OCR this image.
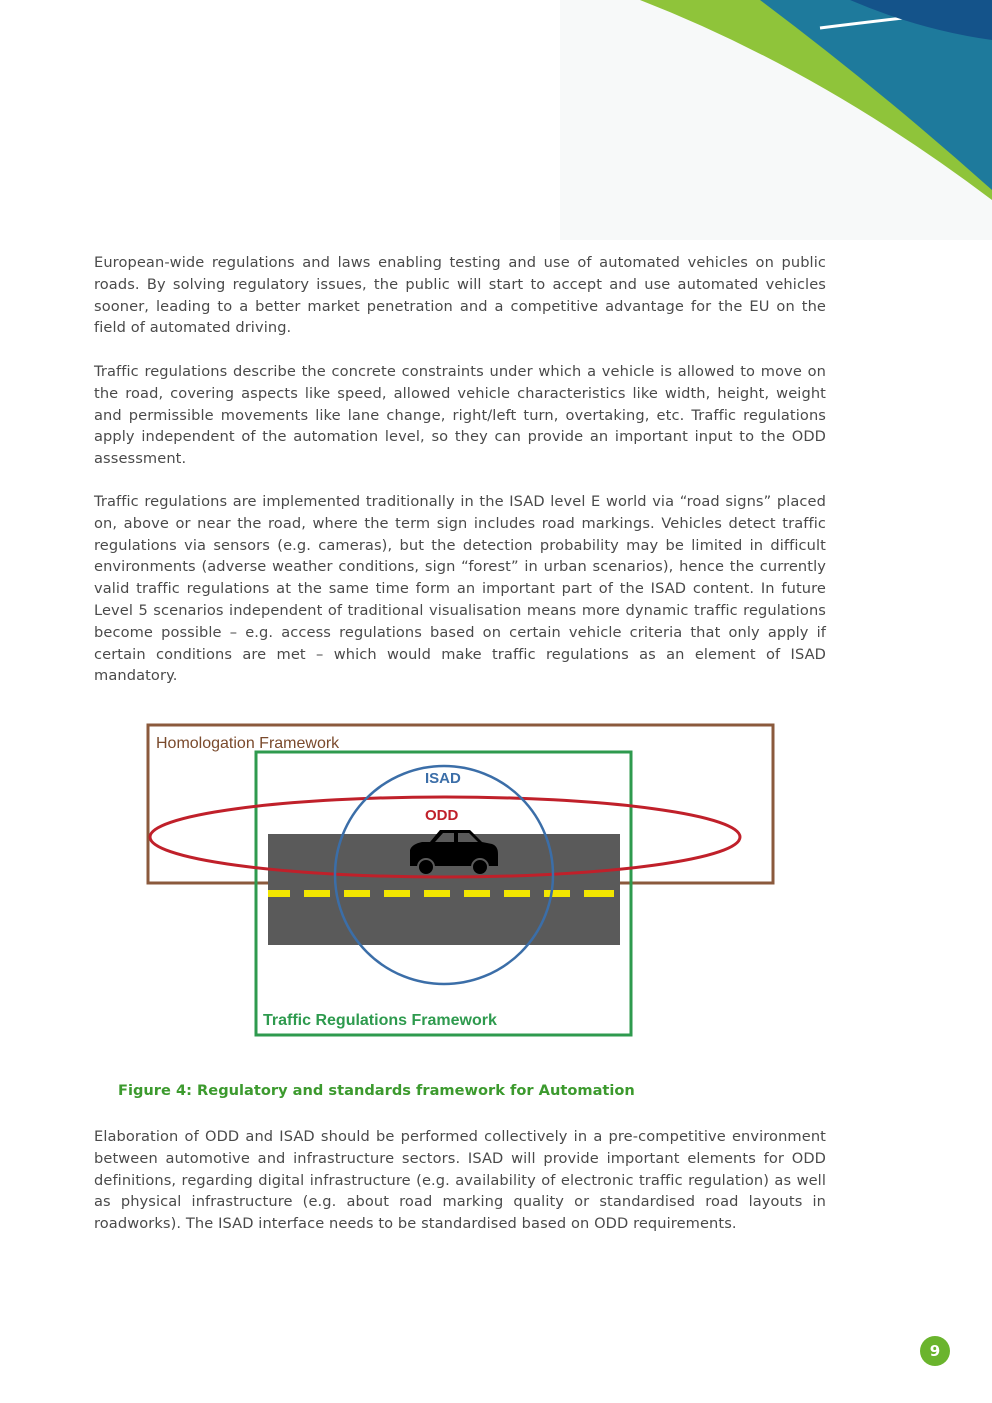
European-wide regulations and laws enabling testing and use of automated vehicles on public roads. By solving regulatory issues, the public will start to accept and use automated vehicles sooner, leading to a better market penetration and a competitive advantage for the EU on the field of automated driving.

Traffic regulations describe the concrete constraints under which a vehicle is allowed to move on the road, covering aspects like speed, allowed vehicle characteristics like width, height, weight and permissible movements like lane change, right/left turn, overtaking, etc. Traffic regulations apply independent of the automation level, so they can provide an important input to the ODD assessment.

Traffic regulations are implemented traditionally in the ISAD level E world via “road signs” placed on, above or near the road, where the term sign includes road markings. Vehicles detect traffic regulations via sensors (e.g. cameras), but the detection probability may be limited in difficult environments (adverse weather conditions, sign “forest” in urban scenarios), hence the currently valid traffic regulations at the same time form an important part of the ISAD content. In future Level 5 scenarios independent of traditional visualisation means more dynamic traffic regulations become possible – e.g. access regulations based on certain vehicle criteria that only apply if certain conditions are met – which would make traffic regulations as an element of ISAD mandatory.

Homologation Framework
Traffic Regulations Framework
ODD
ISAD

Figure 4: Regulatory and standards framework for Automation

Elaboration of ODD and ISAD should be performed collectively in a pre-competitive environment between automotive and infrastructure sectors. ISAD will provide important elements for ODD definitions, regarding digital infrastructure (e.g. availability of electronic traffic regulation) as well as physical infrastructure (e.g. about road marking quality or standardised road layouts in roadworks). The ISAD interface needs to be standardised based on ODD requirements.

9
